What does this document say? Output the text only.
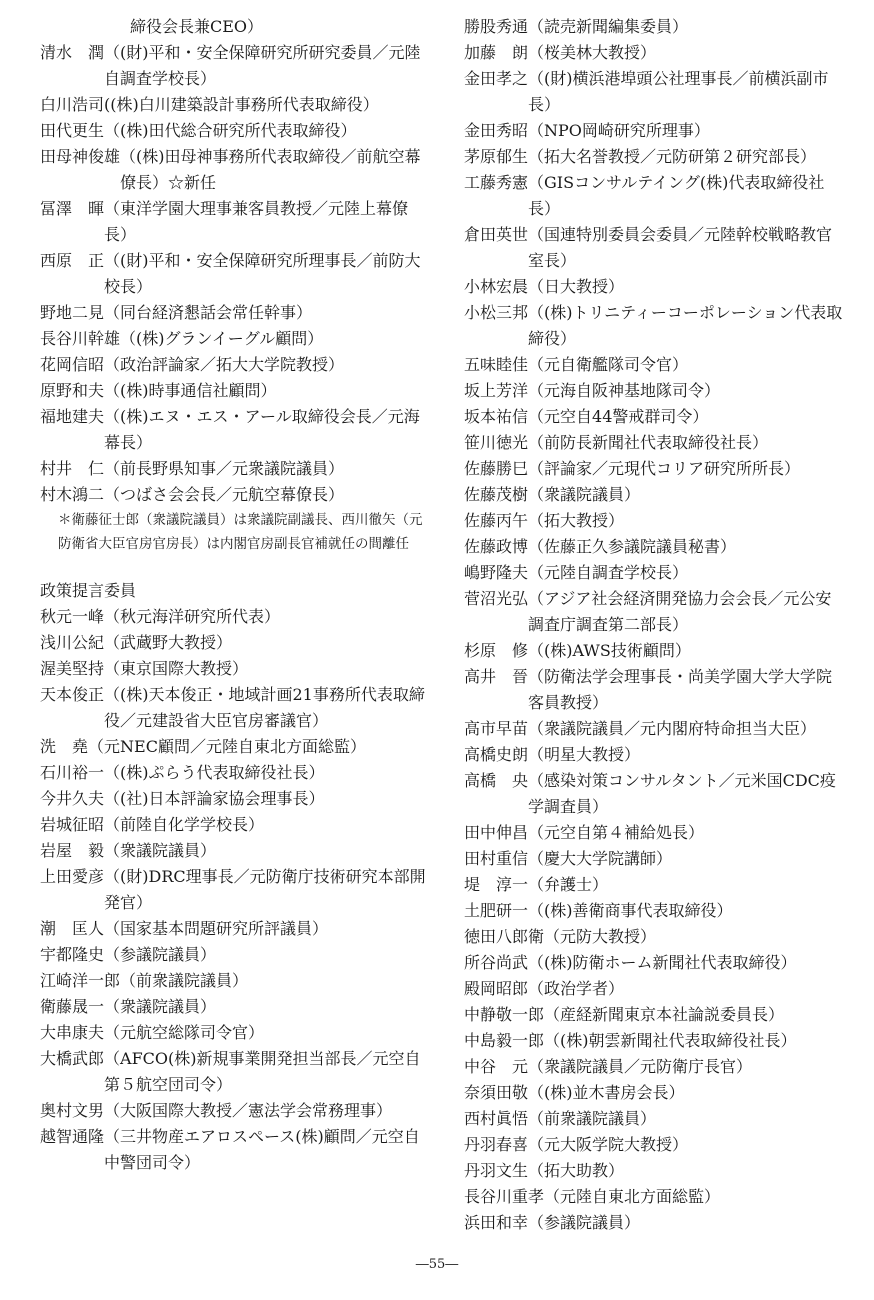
締役会長兼CEO）
清水　潤 （(財)平和・安全保障研究所研究委員／元陸自調査学校長）
白川浩司 ((株)白川建築設計事務所代表取締役）
田代更生 （(株)田代総合研究所代表取締役）
田母神俊雄 （(株)田母神事務所代表取締役／前航空幕僚長）☆新任
冨澤　暉 （東洋学園大理事兼客員教授／元陸上幕僚長）
西原　正 （(財)平和・安全保障研究所理事長／前防大校長）
野地二見 （同台経済懇話会常任幹事）
長谷川幹雄 （(株)グランイーグル顧問）
花岡信昭 （政治評論家／拓大大学院教授）
原野和夫 （(株)時事通信社顧問）
福地建夫 （(株)エヌ・エス・アール取締役会長／元海幕長）
村井　仁 （前長野県知事／元衆議院議員）
村木鴻二 （つばさ会会長／元航空幕僚長）
＊衛藤征士郎（衆議院議員）は衆議院副議長、西川徹矢（元防衛省大臣官房官房長）は内閣官房副長官補就任の間離任
政策提言委員
秋元一峰 （秋元海洋研究所代表）
浅川公紀 （武蔵野大教授）
渥美堅持 （東京国際大教授）
天本俊正 （(株)天本俊正・地域計画21事務所代表取締役／元建設省大臣官房審議官）
洗　堯 （元NEC顧問／元陸自東北方面総監）
石川裕一 （(株)ぷらう代表取締役社長）
今井久夫 （(社)日本評論家協会理事長）
岩城征昭 （前陸自化学学校長）
岩屋　毅 （衆議院議員）
上田愛彦 （(財)DRC理事長／元防衛庁技術研究本部開発官）
潮　匡人 （国家基本問題研究所評議員）
宇都隆史 （参議院議員）
江崎洋一郎 （前衆議院議員）
衛藤晟一 （衆議院議員）
大串康夫 （元航空総隊司令官）
大橋武郎 （AFCO(株)新規事業開発担当部長／元空自第５航空団司令）
奥村文男 （大阪国際大教授／憲法学会常務理事）
越智通隆 （三井物産エアロスペース(株)顧問／元空自中警団司令）
勝股秀通 （読売新聞編集委員）
加藤　朗 （桜美林大教授）
金田孝之 （(財)横浜港埠頭公社理事長／前横浜副市長）
金田秀昭 （NPO岡崎研究所理事）
茅原郁生 （拓大名誉教授／元防研第２研究部長）
工藤秀憲 （GISコンサルテイング(株)代表取締役社長）
倉田英世 （国連特別委員会委員／元陸幹校戦略教官室長）
小林宏晨 （日大教授）
小松三邦 （(株)トリニティーコーポレーション代表取締役）
五味睦佳 （元自衛艦隊司令官）
坂上芳洋 （元海自阪神基地隊司令）
坂本祐信 （元空自44警戒群司令）
笹川徳光 （前防長新聞社代表取締役社長）
佐藤勝巳 （評論家／元現代コリア研究所所長）
佐藤茂樹 （衆議院議員）
佐藤丙午 （拓大教授）
佐藤政博 （佐藤正久参議院議員秘書）
嶋野隆夫 （元陸自調査学校長）
菅沼光弘 （アジア社会経済開発協力会会長／元公安調査庁調査第二部長）
杉原　修 （(株)AWS技術顧問）
高井　晉 （防衛法学会理事長・尚美学園大学大学院客員教授）
高市早苗 （衆議院議員／元内閣府特命担当大臣）
高橋史朗 （明星大教授）
高橋　央 （感染対策コンサルタント／元米国CDC疫学調査員）
田中伸昌 （元空自第４補給処長）
田村重信 （慶大大学院講師）
堤　淳一 （弁護士）
土肥研一 （(株)善衛商事代表取締役）
徳田八郎衛 （元防大教授）
所谷尚武 （(株)防衛ホーム新聞社代表取締役）
殿岡昭郎 （政治学者）
中静敬一郎 （産経新聞東京本社論説委員長）
中島毅一郎 （(株)朝雲新聞社代表取締役社長）
中谷　元 （衆議院議員／元防衛庁長官）
奈須田敬 （(株)並木書房会長）
西村眞悟 （前衆議院議員）
丹羽春喜 （元大阪学院大教授）
丹羽文生 （拓大助教）
長谷川重孝 （元陸自東北方面総監）
浜田和幸 （参議院議員）
―55―
